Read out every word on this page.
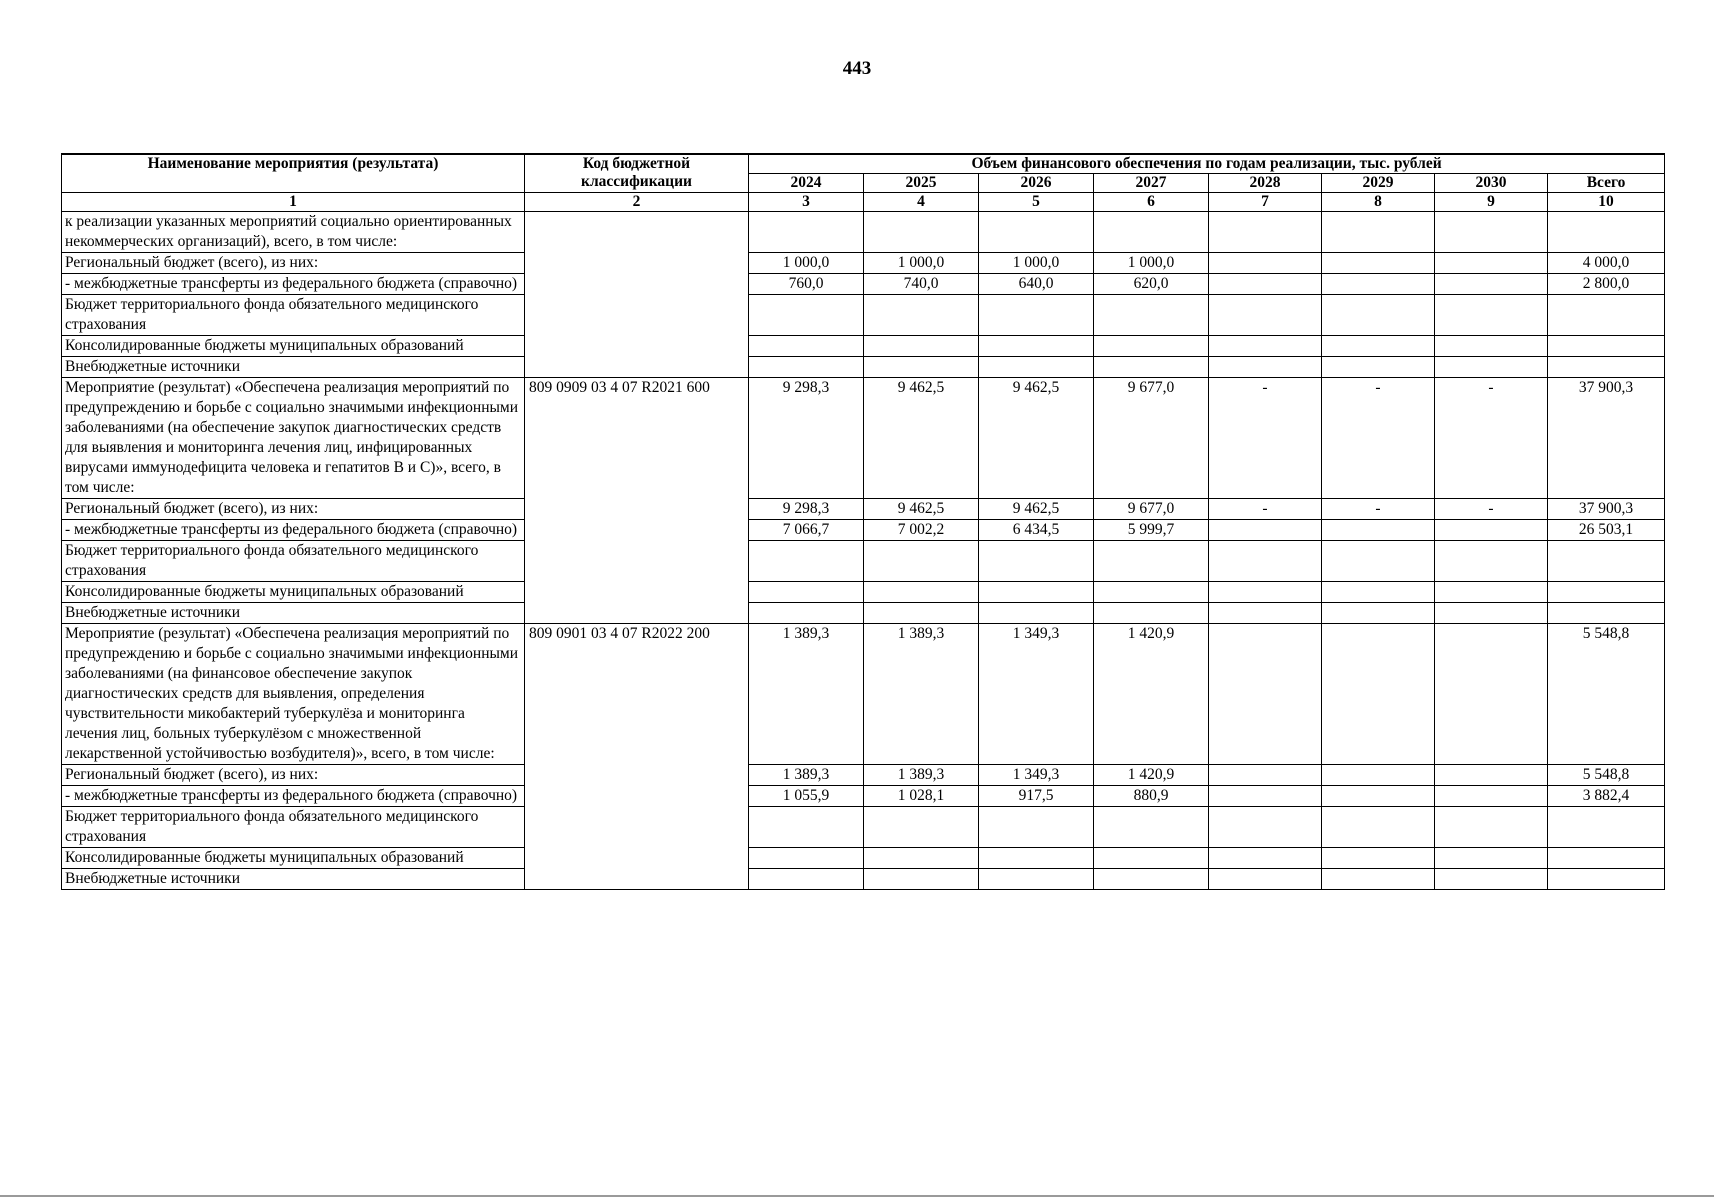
443
Наименование мероприятия (результата)	Код бюджетной классификации	Объем финансового обеспечения по годам реализации, тыс. рублей							
		2024	2025	2026	2027	2028	2029	2030	Всего
1	2	3	4	5	6	7	8	9	10
к реализации указанных мероприятий социально ориентированных некоммерческих организаций), всего, в том числе:									
Региональный бюджет (всего), из них:		1 000,0	1 000,0	1 000,0	1 000,0				4 000,0
- межбюджетные трансферты из федерального бюджета (справочно)		760,0	740,0	640,0	620,0				2 800,0
Бюджет территориального фонда обязательного медицинского страхования									
Консолидированные бюджеты муниципальных образований									
Внебюджетные источники									
Мероприятие (результат) «Обеспечена реализация мероприятий по предупреждению и борьбе с социально значимыми инфекционными заболеваниями (на обеспечение закупок диагностических средств для выявления и мониторинга лечения лиц, инфицированных вирусами иммунодефицита человека и гепатитов B и C)», всего, в том числе:	809 0909 03 4 07 R2021 600	9 298,3	9 462,5	9 462,5	9 677,0	-	-	-	37 900,3
Региональный бюджет (всего), из них:		9 298,3	9 462,5	9 462,5	9 677,0	-	-	-	37 900,3
- межбюджетные трансферты из федерального бюджета (справочно)		7 066,7	7 002,2	6 434,5	5 999,7				26 503,1
Бюджет территориального фонда обязательного медицинского страхования									
Консолидированные бюджеты муниципальных образований									
Внебюджетные источники									
Мероприятие (результат) «Обеспечена реализация мероприятий по предупреждению и борьбе с социально значимыми инфекционными заболеваниями (на финансовое обеспечение закупок диагностических средств для выявления, определения чувствительности микобактерий туберкулёза и мониторинга лечения лиц, больных туберкулёзом с множественной лекарственной устойчивостью возбудителя)», всего, в том числе:	809 0901 03 4 07 R2022 200	1 389,3	1 389,3	1 349,3	1 420,9				5 548,8
Региональный бюджет (всего), из них:		1 389,3	1 389,3	1 349,3	1 420,9				5 548,8
- межбюджетные трансферты из федерального бюджета (справочно)		1 055,9	1 028,1	917,5	880,9				3 882,4
Бюджет территориального фонда обязательного медицинского страхования									
Консолидированные бюджеты муниципальных образований									
Внебюджетные источники									
